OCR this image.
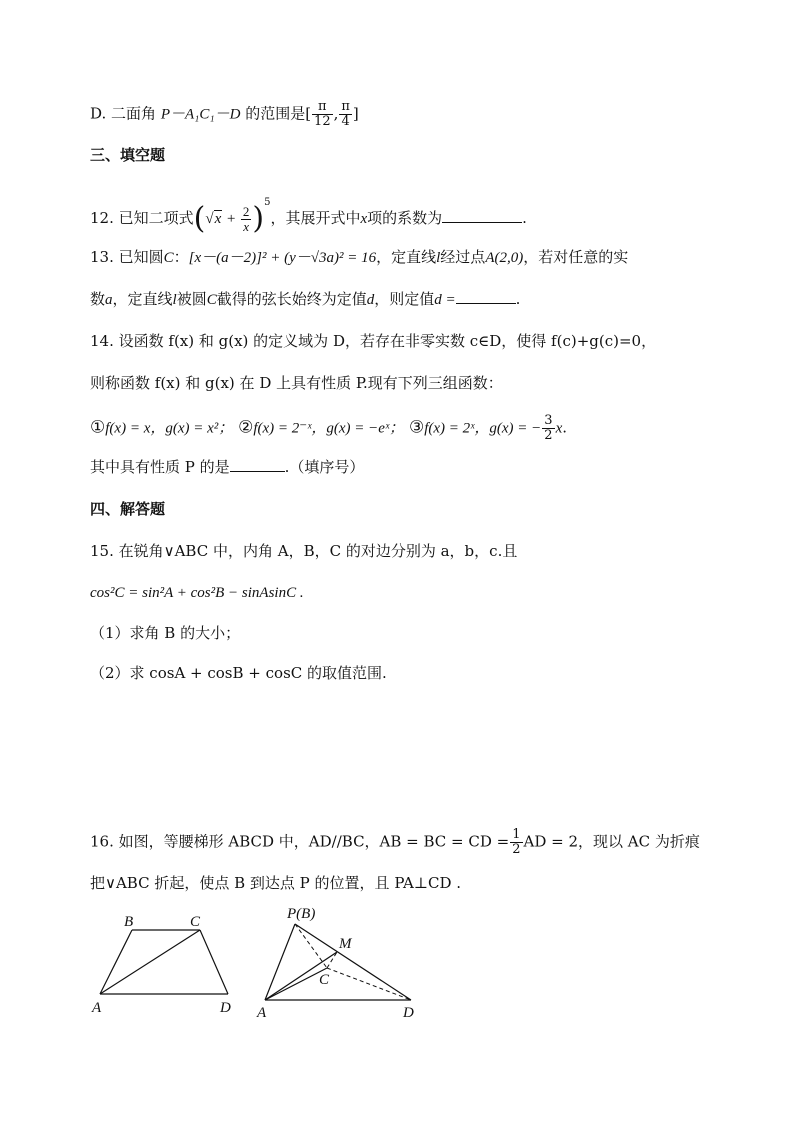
D. 二面角 P－A₁C₁－D 的范围是[ $\frac{\pi}{12}$ , $\frac{\pi}{4}$ ]
三、填空题
12. 已知二项式$(√x + \frac{2}{x} )^5$，其展开式中x项的系数为	.
13. 已知圆C：[x－(a－2)]² + (y－√3a)² = 16，定直线l经过点A(2,0)，若对任意的实
数a，定直线l被圆C截得的弦长始终为定值d，则定值d =	.
14. 设函数 f(x) 和 g(x) 的定义域为 D，若存在非零实数 c∈D，使得 f(c)+g(c)=0，
则称函数 f(x) 和 g(x) 在 D 上具有性质 P.现有下列三组函数：
①f(x) = x，g(x) = x²； ②f(x) = 2⁻ˣ，g(x) = −eˣ； ③f(x) = 2ˣ，g(x) = − $\frac{3}{2} x$.
其中具有性质 P 的是	.（填序号）
四、解答题
15. 在锐角∨ABC 中，内角 A，B，C 的对边分别为 a，b，c.且
cos²C = sin²A + cos²B − sinAsinC .
（1）求角 B 的大小；
（2）求 cosA + cosB + cosC 的取值范围.
16. 如图，等腰梯形 ABCD 中，AD//BC，AB = BC = CD = $\frac{1}{2}$ AD = 2，现以 AC 为折痕
把∨ABC 折起，使点 B 到达点 P 的位置，且 PA⊥CD .
B	C
A	D
P(B)
M
C
A	D
